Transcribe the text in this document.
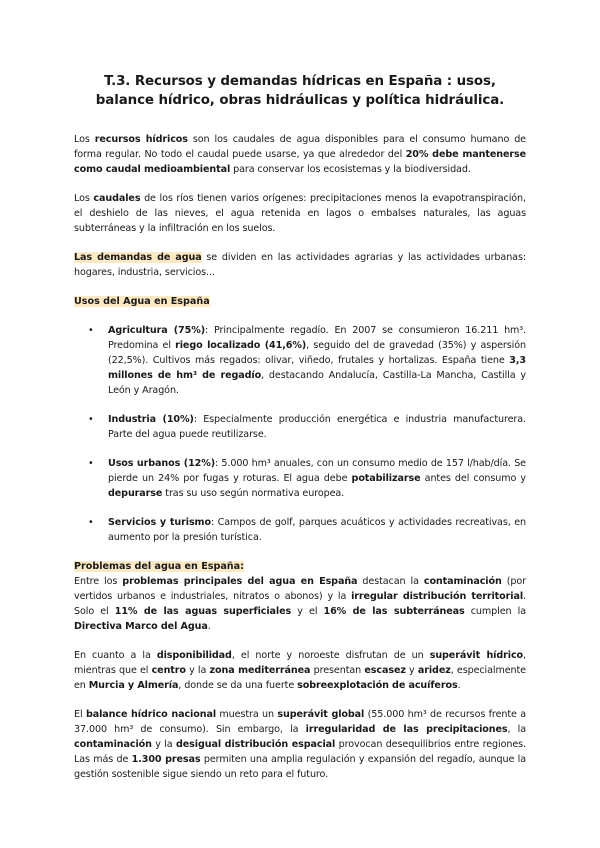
T.3. Recursos y demandas hídricas en España : usos, balance hídrico, obras hidráulicas y política hidráulica.

Los recursos hídricos son los caudales de agua disponibles para el consumo humano de forma regular. No todo el caudal puede usarse, ya que alrededor del 20% debe mantenerse como caudal medioambiental para conservar los ecosistemas y la biodiversidad.

Los caudales de los ríos tienen varios orígenes: precipitaciones menos la evapotranspiración, el deshielo de las nieves, el agua retenida en lagos o embalses naturales, las aguas subterráneas y la infiltración en los suelos.

Las demandas de agua se dividen en las actividades agrarias y las actividades urbanas: hogares, industria, servicios...

Usos del Agua en España
• Agricultura (75%): Principalmente regadío. En 2007 se consumieron 16.211 hm³. Predomina el riego localizado (41,6%), seguido del de gravedad (35%) y aspersión (22,5%). Cultivos más regados: olivar, viñedo, frutales y hortalizas. España tiene 3,3 millones de hm³ de regadío, destacando Andalucía, Castilla-La Mancha, Castilla y León y Aragón.
• Industria (10%): Especialmente producción energética e industria manufacturera. Parte del agua puede reutilizarse.
• Usos urbanos (12%): 5.000 hm³ anuales, con un consumo medio de 157 l/hab/día. Se pierde un 24% por fugas y roturas. El agua debe potabilizarse antes del consumo y depurarse tras su uso según normativa europea.
• Servicios y turismo: Campos de golf, parques acuáticos y actividades recreativas, en aumento por la presión turística.
Problemas del agua en España:

Entre los problemas principales del agua en España destacan la contaminación (por vertidos urbanos e industriales, nitratos o abonos) y la irregular distribución territorial. Solo el 11% de las aguas superficiales y el 16% de las subterráneas cumplen la Directiva Marco del Agua.

En cuanto a la disponibilidad, el norte y noroeste disfrutan de un superávit hídrico, mientras que el centro y la zona mediterránea presentan escasez y aridez, especialmente en Murcia y Almería, donde se da una fuerte sobreexplotación de acuíferos.

El balance hídrico nacional muestra un superávit global (55.000 hm³ de recursos frente a 37.000 hm³ de consumo). Sin embargo, la irregularidad de las precipitaciones, la contaminación y la desigual distribución espacial provocan desequilibrios entre regiones. Las más de 1.300 presas permiten una amplia regulación y expansión del regadío, aunque la gestión sostenible sigue siendo un reto para el futuro.
